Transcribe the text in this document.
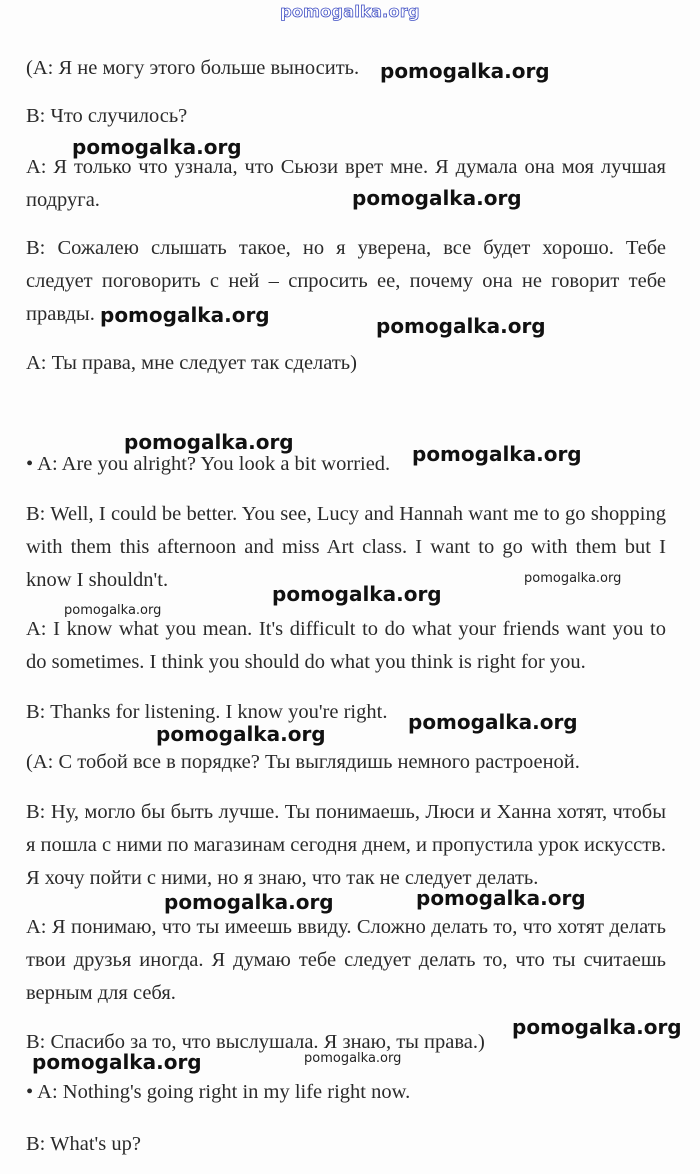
pomogalka.org

(А: Я не могу этого больше выносить.

В: Что случилось?

А: Я только что узнала, что Сьюзи врет мне. Я думала она моя лучшая подруга.

В: Сожалею слышать такое, но я уверена, все будет хорошо. Тебе следует поговорить с ней – спросить ее, почему она не говорит тебе правды.

А: Ты права, мне следует так сделать)

• A: Are you alright? You look a bit worried.

B: Well, I could be better. You see, Lucy and Hannah want me to go shopping with them this afternoon and miss Art class. I want to go with them but I know I shouldn't.

A: I know what you mean. It's difficult to do what your friends want you to do sometimes. I think you should do what you think is right for you.

B: Thanks for listening. I know you're right.

(А: С тобой все в порядке? Ты выглядишь немного растроеной.

В: Ну, могло бы быть лучше. Ты понимаешь, Люси и Ханна хотят, чтобы я пошла с ними по магазинам сегодня днем, и пропустила урок искусств. Я хочу пойти с ними, но я знаю, что так не следует делать.

А: Я понимаю, что ты имеешь ввиду. Сложно делать то, что хотят делать твои друзья иногда. Я думаю тебе следует делать то, что ты считаешь верным для себя.

В: Спасибо за то, что выслушала. Я знаю, ты права.)

• A: Nothing's going right in my life right now.

B: What's up?

pomogalka.org
pomogalka.org
pomogalka.org
pomogalka.org	pomogalka.org
pomogalka.org	pomogalka.org
pomogalka.org
pomogalka.org
pomogalka.org
pomogalka.org
pomogalka.org
pomogalka.org	pomogalka.org
pomogalka.org
pomogalka.org	pomogalka.org
